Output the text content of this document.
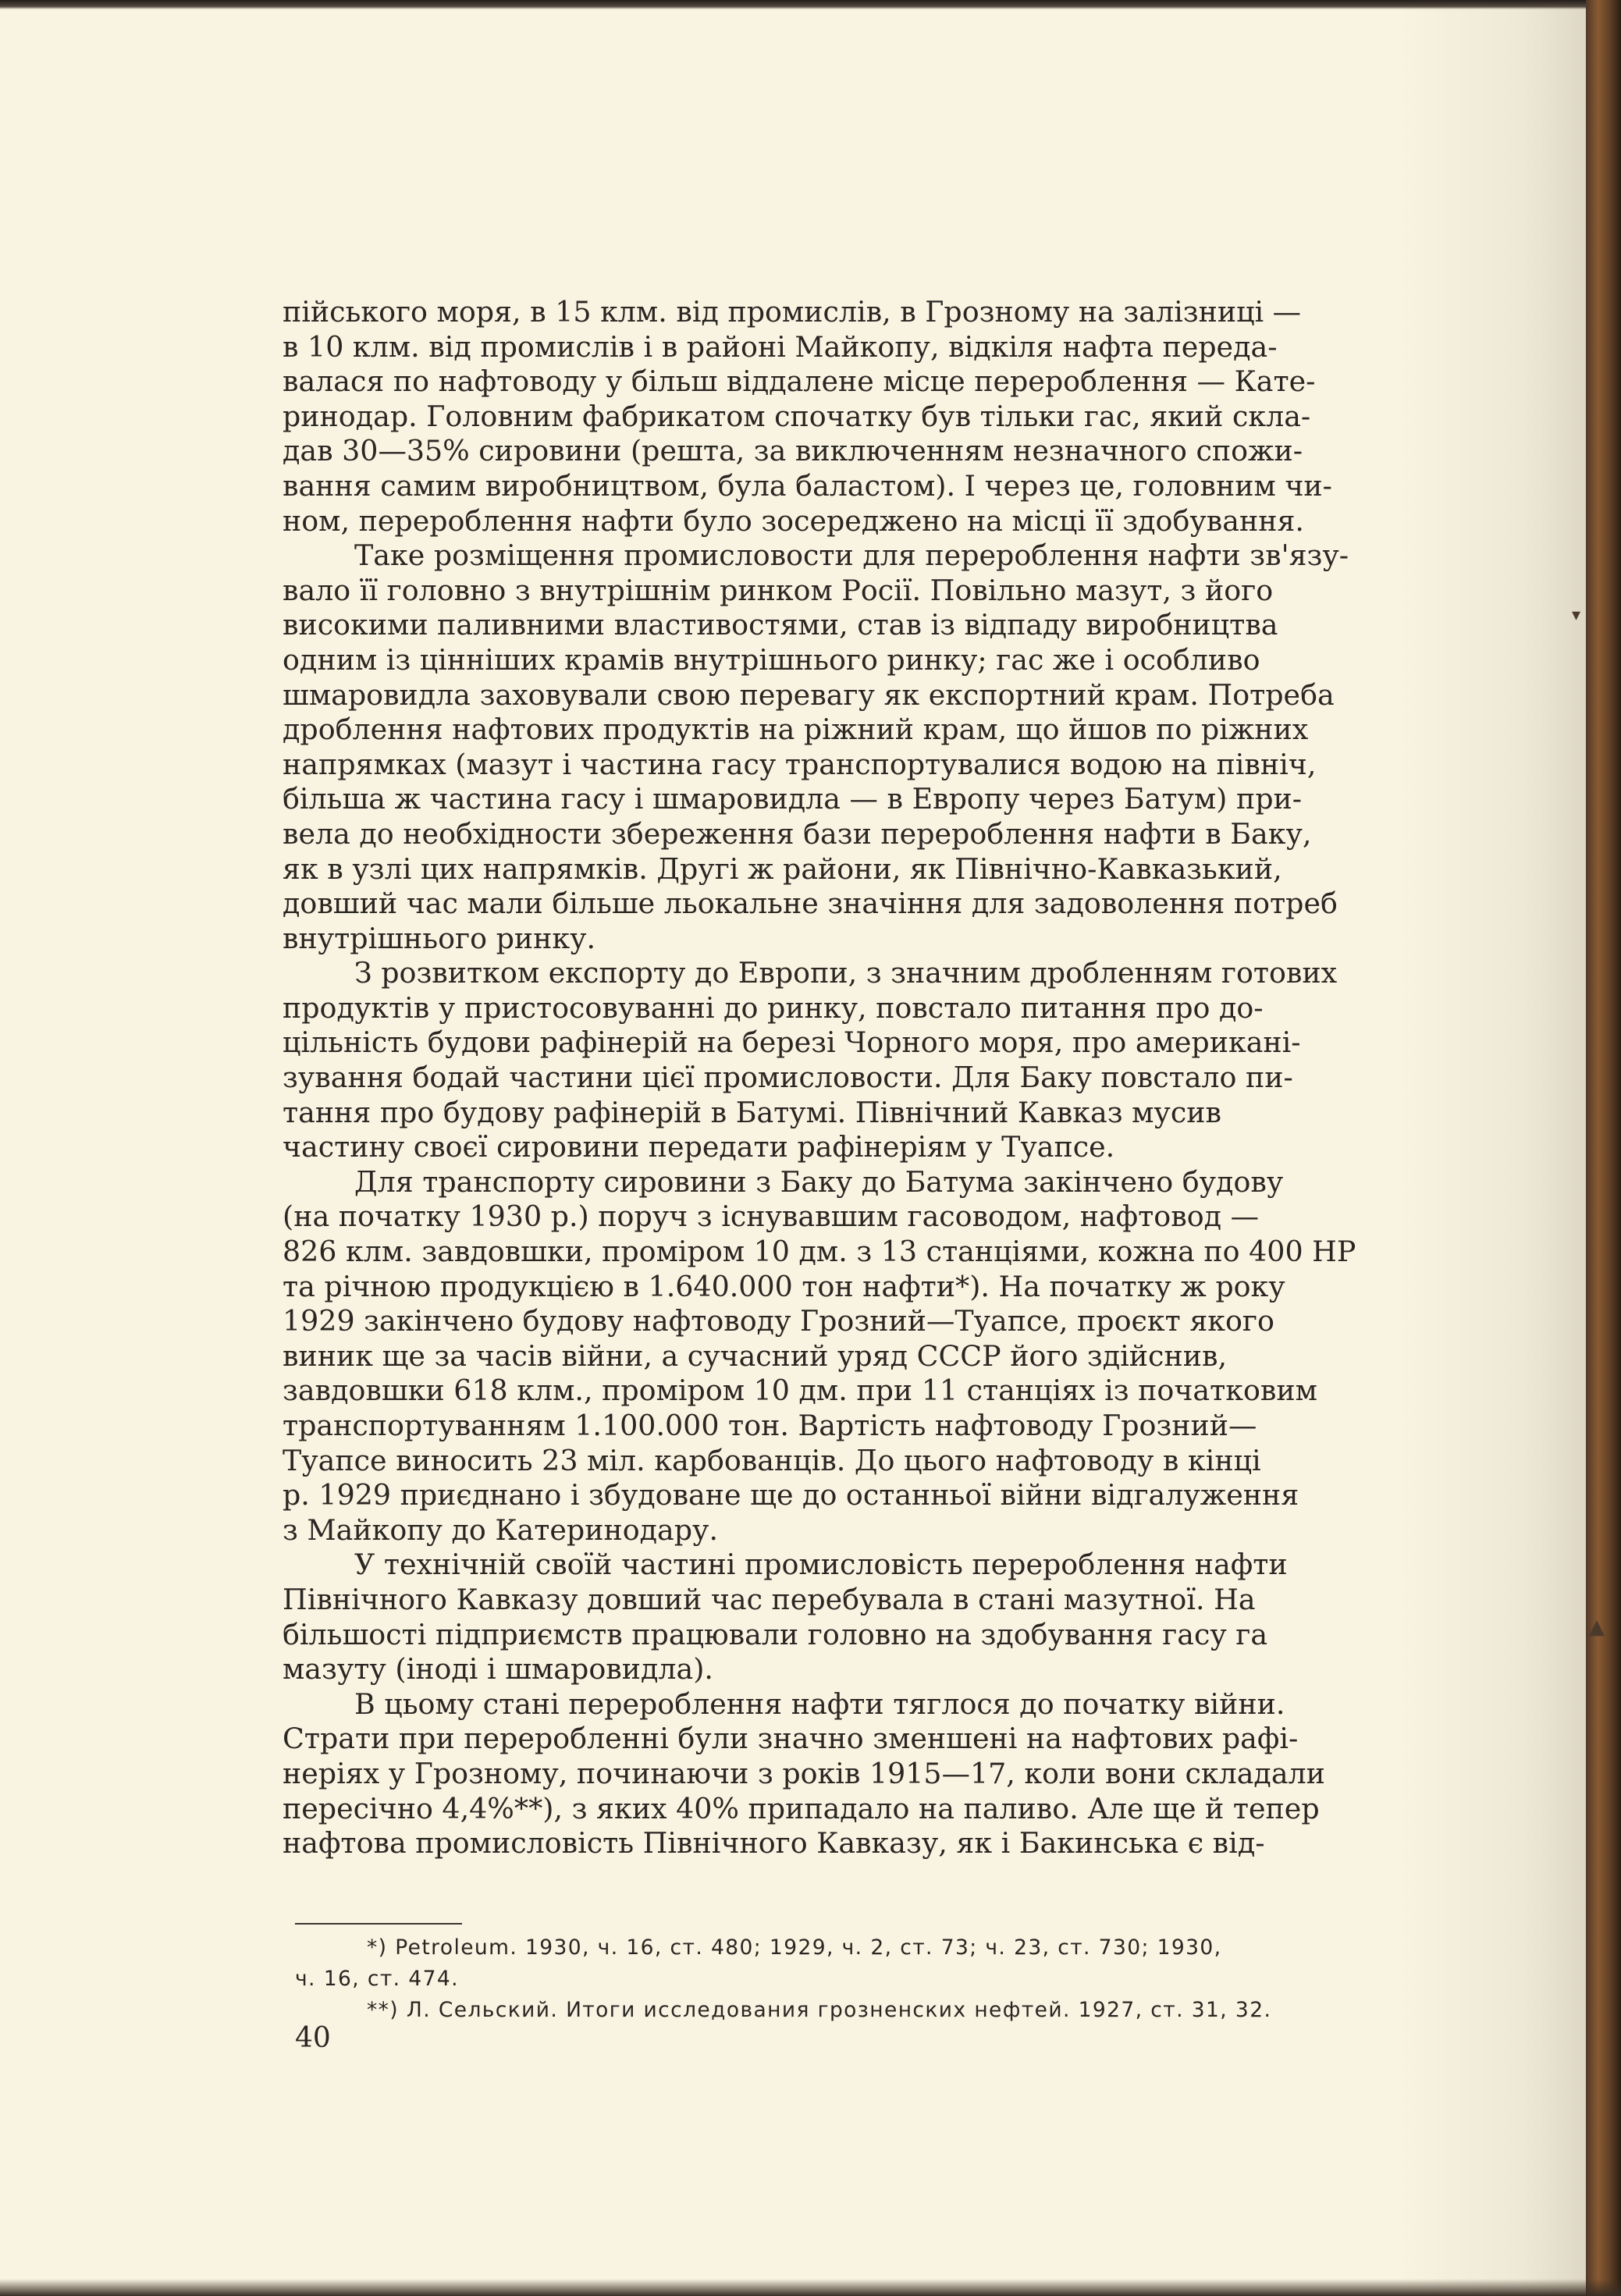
пійського моря, в 15 клм. від промислів, в Грозному на залізниці —
в 10 клм. від промислів і в районі Майкопу, відкіля нафта переда-
валася по нафтоводу у більш віддалене місце перероблення — Кате-
ринодар. Головним фабрикатом спочатку був тільки гас, який скла-
дав 30—35% сировини (решта, за виключенням незначного спожи-
вання самим виробництвом, була баластом). І через це, головним чи-
ном, перероблення нафти було зосереджено на місці її здобування.

Таке розміщення промисловости для перероблення нафти зв'язу-
вало її головно з внутрішнім ринком Росії. Повільно мазут, з його
високими паливними властивостями, став із відпаду виробництва
одним із цінніших крамів внутрішнього ринку; гас же і особливо
шмаровидла заховували свою перевагу як експортний крам. Потреба
дроблення нафтових продуктів на ріжний крам, що йшов по ріжних
напрямках (мазут і частина гасу транспортувалися водою на північ,
більша ж частина гасу і шмаровидла — в Европу через Батум) при-
вела до необхідности збереження бази перероблення нафти в Баку,
як в узлі цих напрямків. Другі ж райони, як Північно-Кавказький,
довший час мали більше льокальне значіння для задоволення потреб
внутрішнього ринку.

З розвитком експорту до Европи, з значним дробленням готових
продуктів у пристосовуванні до ринку, повстало питання про до-
цільність будови рафінерій на березі Чорного моря, про американі-
зування бодай частини цієї промисловости. Для Баку повстало пи-
тання про будову рафінерій в Батумі. Північний Кавказ мусив
частину своєї сировини передати рафінеріям у Туапсе.

Для транспорту сировини з Баку до Батума закінчено будову
(на початку 1930 р.) поруч з існувавшим гасоводом, нафтовод —
826 клм. завдовшки, проміром 10 дм. з 13 станціями, кожна по 400 HP
та річною продукцією в 1.640.000 тон нафти*). На початку ж року
1929 закінчено будову нафтоводу Грозний—Туапсе, проєкт якого
виник ще за часів війни, а сучасний уряд СССР його здійснив,
завдовшки 618 клм., проміром 10 дм. при 11 станціях із початковим
транспортуванням 1.100.000 тон. Вартість нафтоводу Грозний—
Туапсе виносить 23 міл. карбованців. До цього нафтоводу в кінці
р. 1929 приєднано і збудоване ще до останньої війни відгалуження
з Майкопу до Катеринодару.

У технічній своїй частині промисловість перероблення нафти
Північного Кавказу довший час перебувала в стані мазутної. На
більшості підприємств працювали головно на здобування гасу га
мазуту (іноді і шмаровидла).

В цьому стані перероблення нафти тяглося до початку війни.
Страти при переробленні були значно зменшені на нафтових рафі-
неріях у Грозному, починаючи з років 1915—17, коли вони складали
пересічно 4,4%**), з яких 40% припадало на паливо. Але ще й тепер
нафтова промисловість Північного Кавказу, як і Бакинська є від-

*) Petroleum. 1930, ч. 16, ст. 480; 1929, ч. 2, ст. 73; ч. 23, ст. 730; 1930,

ч. 16, ст. 474.

**) Л. Сельский. Итоги исследования грозненских нефтей. 1927, ст. 31, 32.

40
▾
▲
